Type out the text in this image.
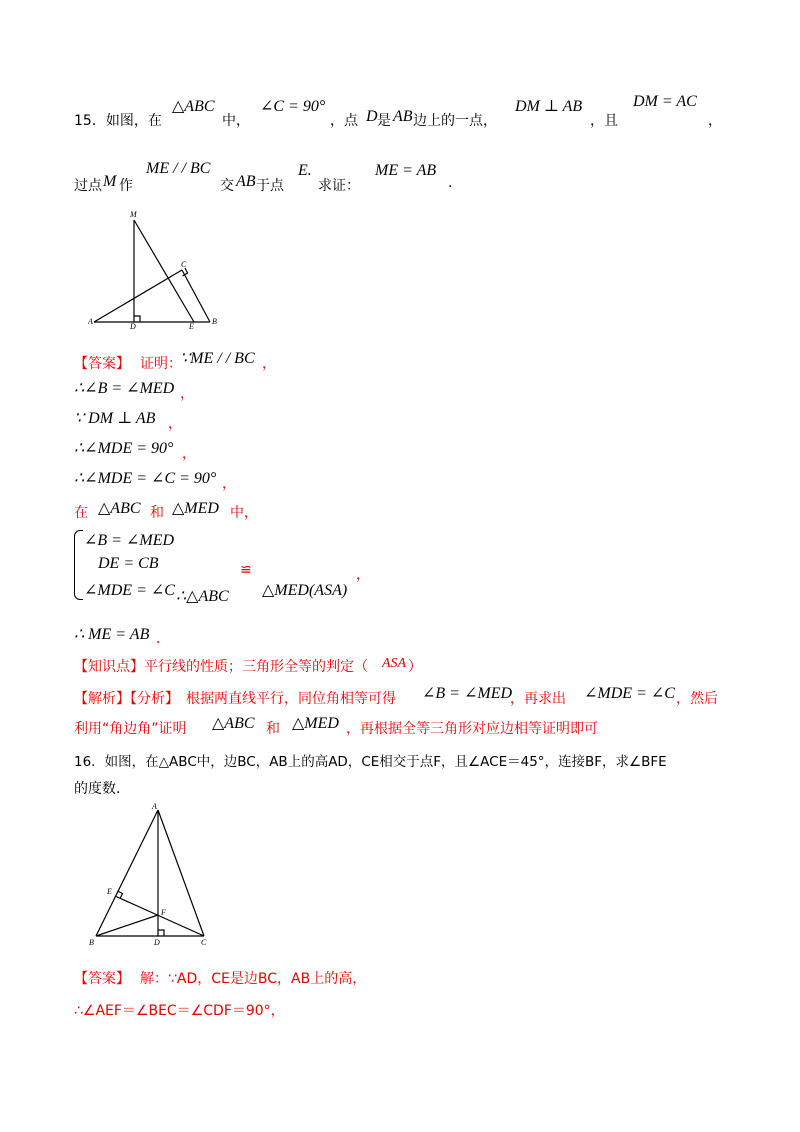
15．如图，在
△ABC
中，
∠C = 90°
，点 D 是 AB 边上的一点，
DM ⊥ AB
，且
DM = AC
，
过点 M 作
ME / / BC
交 AB 于点
E.
求证：
ME = AB
.
M
C
A
D	E
B
【答案】 证明：
∵ME / / BC ，
∴∠B = ∠MED ，
∵ DM ⊥ AB ，
∴∠MDE = 90° ，
∴∠MDE = ∠C = 90° ，
在 △ABC 和 △MED 中，
∠B = ∠MED
DE = CB
∠MDE = ∠C ∴△ABC
≌
△MED(ASA)
，
∴ ME = AB ．
【知识点】 平行线的性质；三角形全等的判定（ ASA ）
【解析】【分析】 根据两直线平行，同位角相等可得 ∠B = ∠MED
，再求出 ∠MDE = ∠C ，然后
利用“角边角”证明 △ABC 和 △MED ，再根据全等三角形对应边相等证明即可
16．如图，在△ABC中，边BC，AB上的高AD，CE相交于点F，且∠ACE＝45°，连接BF，求∠BFE
的度数．
A
E
F
B	D	C
【答案】 解：∵AD，CE是边BC，AB上的高，
∴∠AEF＝∠BEC＝∠CDF＝90°，
